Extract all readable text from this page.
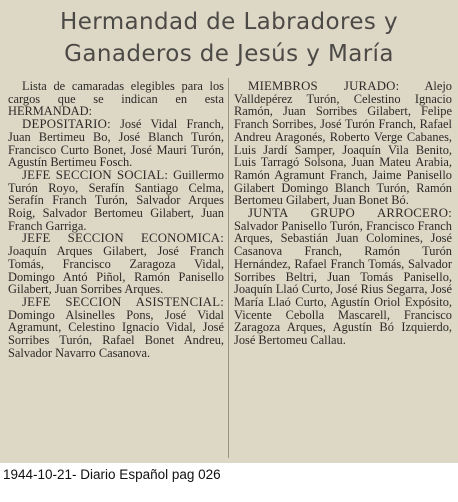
Hermandad de Labradores y
Ganaderos de Jesús y María

Lista de camaradas elegibles para los cargos que se indican en esta HERMANDAD:

DEPOSITARIO: José Vidal Franch, Juan Bertimeu Bo, José Blanch Turón, Francisco Curto Bonet, José Mauri Turón, Agustín Bertimeu Fosch.

JEFE SECCION SOCIAL: Guillermo Turón Royo, Serafín Santiago Celma, Serafín Franch Turón, Salvador Arques Roig, Salvador Bertomeu Gilabert, Juan Franch Garriga.

JEFE SECCION ECONOMICA: Joaquín Arques Gilabert, José Franch Tomás, Francisco Zaragoza Vidal, Domingo Antó Piñol, Ramón Panisello Gilabert, Juan Sorribes Arques.

JEFE SECCION ASISTENCIAL: Domingo Alsinelles Pons, José Vidal Agramunt, Celestino Ignacio Vidal, José Sorribes Turón, Rafael Bonet Andreu, Salvador Navarro Casanova.

MIEMBROS JURADO: Alejo Valldepérez Turón, Celestino Ignacio Ramón, Juan Sorribes Gilabert, Felipe Franch Sorribes, José Turón Franch, Rafael Andreu Aragonés, Roberto Verge Cabanes, Luis Jardí Samper, Joaquín Vila Benito, Luis Tarragó Solsona, Juan Mateu Arabia, Ramón Agramunt Franch, Jaime Panisello Gilabert Domingo Blanch Turón, Ramón Bertomeu Gilabert, Juan Bonet Bó.

JUNTA GRUPO ARROCERO: Salvador Panisello Turón, Francisco Franch Arques, Sebastián Juan Colomines, José Casanova Franch, Ramón Turón Hernández, Rafael Franch Tomás, Salvador Sorribes Beltri, Juan Tomás Panisello, Joaquín Llaó Curto, José Rius Segarra, José María Llaó Curto, Agustín Oriol Expósito, Vicente Cebolla Mascarell, Francisco Zaragoza Arques, Agustín Bó Izquierdo, José Bertomeu Callau.

1944-10-21- Diario Español pag 026
